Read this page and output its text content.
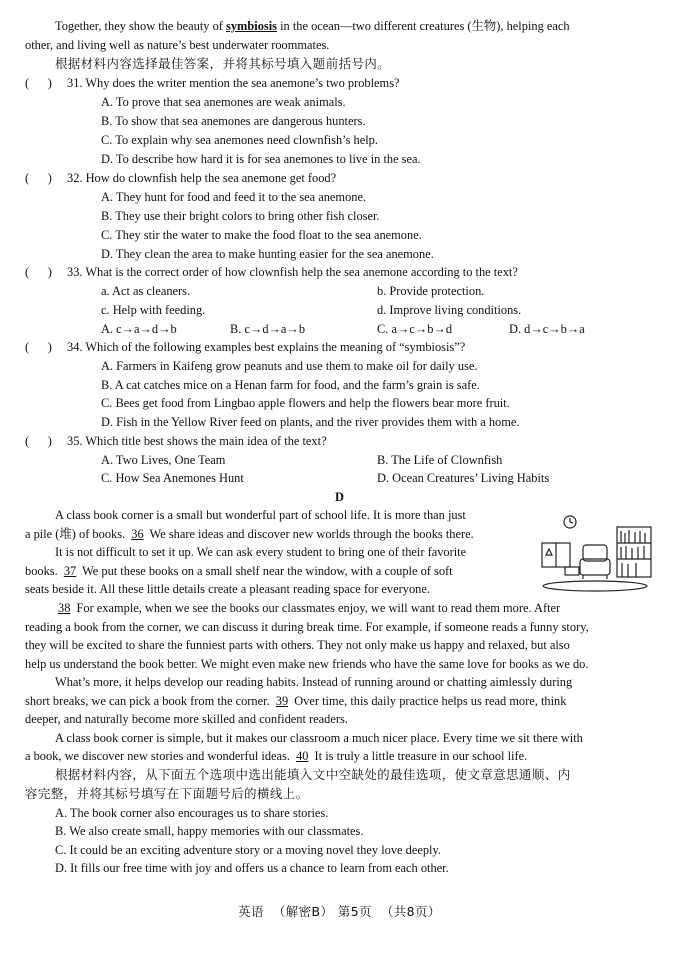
Together, they show the beauty of symbiosis in the ocean—two different creatures (生物), helping each
other, and living well as nature’s best underwater roommates.
根据材料内容选择最佳答案，并将其标号填入题前括号内。
(      ) 31. Why does the writer mention the sea anemone’s two problems?
A. To prove that sea anemones are weak animals.
B. To show that sea anemones are dangerous hunters.
C. To explain why sea anemones need clownfish’s help.
D. To describe how hard it is for sea anemones to live in the sea.
(      ) 32. How do clownfish help the sea anemone get food?
A. They hunt for food and feed it to the sea anemone.
B. They use their bright colors to bring other fish closer.
C. They stir the water to make the food float to the sea anemone.
D. They clean the area to make hunting easier for the sea anemone.
(      ) 33. What is the correct order of how clownfish help the sea anemone according to the text?
a. Act as cleaners.	b. Provide protection.
c. Help with feeding.	d. Improve living conditions.
A. c→a→d→b	B. c→d→a→b	C. a→c→b→d	D. d→c→b→a
(      ) 34. Which of the following examples best explains the meaning of “symbiosis”?
A. Farmers in Kaifeng grow peanuts and use them to make oil for daily use.
B. A cat catches mice on a Henan farm for food, and the farm’s grain is safe.
C. Bees get food from Lingbao apple flowers and help the flowers bear more fruit.
D. Fish in the Yellow River feed on plants, and the river provides them with a home.
(      ) 35. Which title best shows the main idea of the text?
A. Two Lives, One Team	B. The Life of Clownfish
C. How Sea Anemones Hunt	D. Ocean Creatures’ Living Habits
D
A class book corner is a small but wonderful part of school life. It is more than just
a pile (堆) of books. 36 We share ideas and discover new worlds through the books there.
It is not difficult to set it up. We can ask every student to bring one of their favorite
books. 37 We put these books on a small shelf near the window, with a couple of soft
seats beside it. All these little details create a pleasant reading space for everyone.
38 For example, when we see the books our classmates enjoy, we will want to read them more. After
reading a book from the corner, we can discuss it during break time. For example, if someone reads a funny story,
they will be excited to share the funniest parts with others. They not only make us happy and relaxed, but also
help us understand the book better. We might even make new friends who have the same love for books as we do.
What’s more, it helps develop our reading habits. Instead of running around or chatting aimlessly during
short breaks, we can pick a book from the corner. 39 Over time, this daily practice helps us read more, think
deeper, and naturally become more skilled and confident readers.
A class book corner is simple, but it makes our classroom a much nicer place. Every time we sit there with
a book, we discover new stories and wonderful ideas. 40 It is truly a little treasure in our school life.
根据材料内容，从下面五个选项中选出能填入文中空缺处的最佳选项，使文章意思通顺、内
容完整，并将其标号填写在下面题号后的横线上。
A. The book corner also encourages us to share stories.
B. We also create small, happy memories with our classmates.
C. It could be an exciting adventure story or a moving novel they love deeply.
D. It fills our free time with joy and offers us a chance to learn from each other.
英语  （解密B） 第5页  （共8页）
